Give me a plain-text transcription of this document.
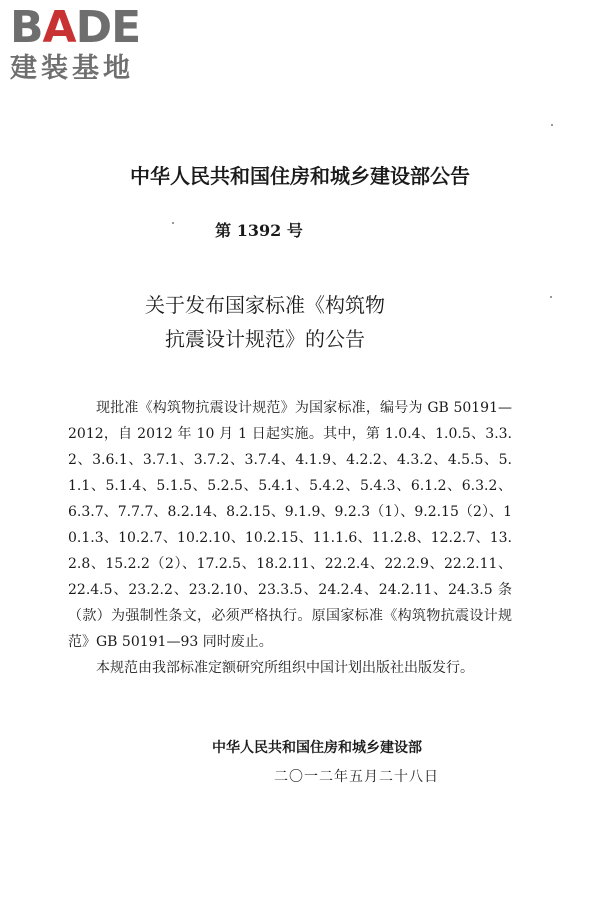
BADE
建装基地
中华人民共和国住房和城乡建设部公告
第 1392 号
关于发布国家标准《构筑物
抗震设计规范》的公告

现批准《构筑物抗震设计规范》为国家标准，编号为 GB 50191—2012，自 2012 年 10 月 1 日起实施。其中，第 1.0.4、1.0.5、3.3.2、3.6.1、3.7.1、3.7.2、3.7.4、4.1.9、4.2.2、4.3.2、4.5.5、5.1.1、5.1.4、5.1.5、5.2.5、5.4.1、5.4.2、5.4.3、6.1.2、6.3.2、6.3.7、7.7.7、8.2.14、8.2.15、9.1.9、9.2.3（1）、9.2.15（2）、10.1.3、10.2.7、10.2.10、10.2.15、11.1.6、11.2.8、12.2.7、13.2.8、15.2.2（2）、17.2.5、18.2.11、22.2.4、22.2.9、22.2.11、22.4.5、23.2.2、23.2.10、23.3.5、24.2.4、24.2.11、24.3.5 条（款）为强制性条文，必须严格执行。原国家标准《构筑物抗震设计规范》GB 50191—93 同时废止。

本规范由我部标准定额研究所组织中国计划出版社出版发行。

中华人民共和国住房和城乡建设部
二〇一二年五月二十八日
